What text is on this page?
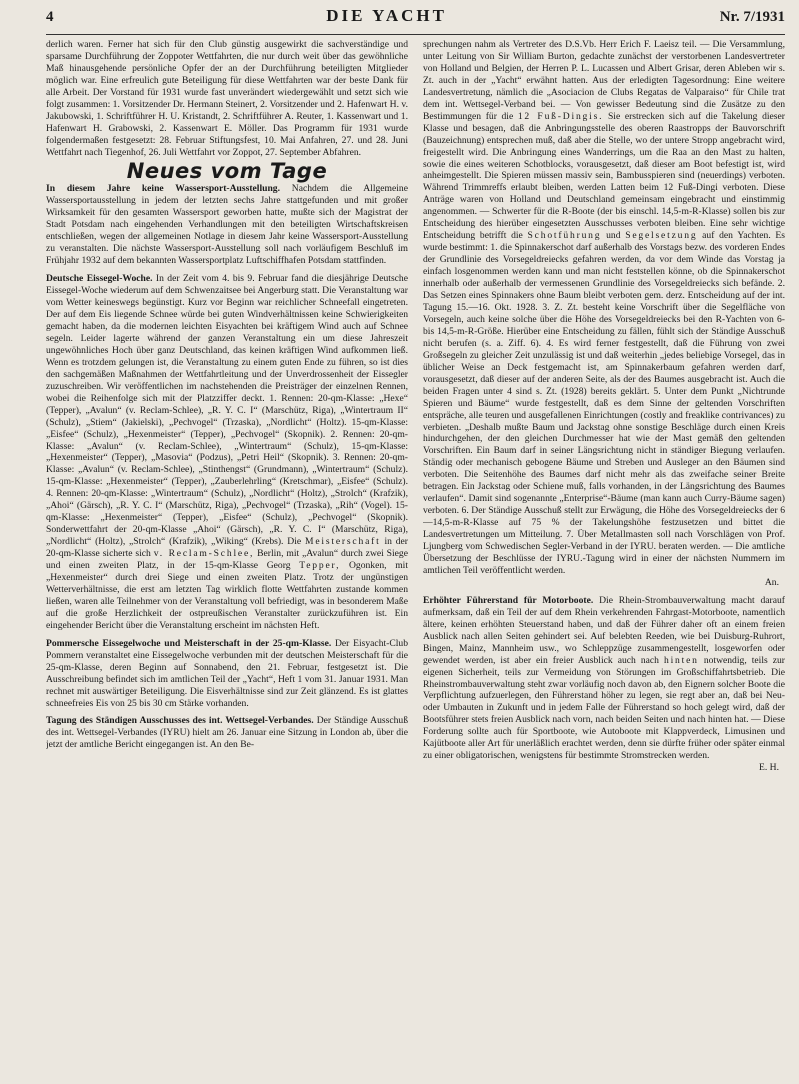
4	DIE YACHT	Nr. 7/1931

derlich waren. Ferner hat sich für den Club günstig ausgewirkt die sachverständige und sparsame Durchführung der Zoppoter Wettfahrten, die nur durch weit über das gewöhnliche Maß hinausgehende persönliche Opfer der an der Durchführung beteiligten Mitglieder möglich war. Eine erfreulich gute Beteiligung für diese Wettfahrten war der beste Dank für alle Arbeit. Der Vorstand für 1931 wurde fast unverändert wiedergewählt und setzt sich wie folgt zusammen: 1. Vorsitzender Dr. Hermann Steinert, 2. Vorsitzender und 2. Hafenwart H. v. Jakubowski, 1. Schriftführer H. U. Kristandt, 2. Schriftführer A. Reuter, 1. Kassenwart und 1. Hafenwart H. Grabowski, 2. Kassenwart E. Möller. Das Programm für 1931 wurde folgendermaßen festgesetzt: 28. Februar Stiftungsfest, 10. Mai Anfahren, 27. und 28. Juni Wettfahrt nach Tiegenhof, 26. Juli Wettfahrt vor Zoppot, 27. September Abfahren.

Neues vom Tage

In diesem Jahre keine Wassersport-Ausstellung. Nachdem die Allgemeine Wassersportausstellung in jedem der letzten sechs Jahre stattgefunden und mit großer Wirksamkeit für den gesamten Wassersport geworben hatte, mußte sich der Magistrat der Stadt Potsdam nach eingehenden Verhandlungen mit den beteiligten Wirtschaftskreisen entschließen, wegen der allgemeinen Notlage in diesem Jahr keine Wassersport-Ausstellung zu veranstalten. Die nächste Wassersport-Ausstellung soll nach vorläufigem Beschluß im Frühjahr 1932 auf dem bekannten Wassersportplatz Luftschiffhafen Potsdam stattfinden.

Deutsche Eissegel-Woche. In der Zeit vom 4. bis 9. Februar fand die diesjährige Deutsche Eissegel-Woche wiederum auf dem Schwenzaitsee bei Angerburg statt. Die Veranstaltung war vom Wetter keineswegs begünstigt. Kurz vor Beginn war reichlicher Schneefall eingetreten. Der auf dem Eis liegende Schnee würde bei guten Windverhältnissen keine Schwierigkeiten gemacht haben, da die modernen leichten Eisyachten bei kräftigem Wind auch auf Schnee segeln. Leider lagerte während der ganzen Veranstaltung ein um diese Jahreszeit ungewöhnliches Hoch über ganz Deutschland, das keinen kräftigen Wind aufkommen ließ. Wenn es trotzdem gelungen ist, die Veranstaltung zu einem guten Ende zu führen, so ist dies den sachgemäßen Maßnahmen der Wettfahrtleitung und der Unverdrossenheit der Eissegler zuzuschreiben. Wir veröffentlichen im nachstehenden die Preisträger der einzelnen Rennen, wobei die Reihenfolge sich mit der Platzziffer deckt. 1. Rennen: 20-qm-Klasse: „Hexe“ (Tepper), „Avalun“ (v. Reclam-Schlee), „R. Y. C. I“ (Marschütz, Riga), „Wintertraum II“ (Schulz), „Stiem“ (Jakielski), „Pechvogel“ (Trzaska), „Nordlicht“ (Holtz). 15-qm-Klasse: „Eisfee“ (Schulz), „Hexenmeister“ (Tepper), „Pechvogel“ (Skopnik). 2. Rennen: 20-qm-Klasse: „Avalun“ (v. Reclam-Schlee), „Wintertraum“ (Schulz), 15-qm-Klasse: „Hexenmeister“ (Tepper), „Masovia“ (Podzus), „Petri Heil“ (Skopnik). 3. Rennen: 20-qm-Klasse: „Avalun“ (v. Reclam-Schlee), „Stinthengst“ (Grundmann), „Wintertraum“ (Schulz). 15-qm-Klasse: „Hexenmeister“ (Tepper), „Zauberlehrling“ (Kretschmar), „Eisfee“ (Schulz). 4. Rennen: 20-qm-Klasse: „Wintertraum“ (Schulz), „Nordlicht“ (Holtz), „Strolch“ (Krafzik), „Ahoi“ (Gärsch), „R. Y. C. I“ (Marschütz, Riga), „Pechvogel“ (Trzaska), „Rih“ (Vogel). 15-qm-Klasse: „Hexenmeister“ (Tepper), „Eisfee“ (Schulz), „Pechvogel“ (Skopnik). Sonderwettfahrt der 20-qm-Klasse „Ahoi“ (Gärsch), „R. Y. C. I“ (Marschütz, Riga), „Nordlicht“ (Holtz), „Strolch“ (Krafzik), „Wiking“ (Krebs). Die Meisterschaft in der 20-qm-Klasse sicherte sich v. Reclam-Schlee, Berlin, mit „Avalun“ durch zwei Siege und einen zweiten Platz, in der 15-qm-Klasse Georg Tepper, Ogonken, mit „Hexenmeister“ durch drei Siege und einen zweiten Platz. Trotz der ungünstigen Wetterverhältnisse, die erst am letzten Tag wirklich flotte Wettfahrten zustande kommen ließen, waren alle Teilnehmer von der Veranstaltung voll befriedigt, was in besonderem Maße auf die große Herzlichkeit der ostpreußischen Veranstalter zurückzuführen ist. Ein eingehender Bericht über die Veranstaltung erscheint im nächsten Heft.

Pommersche Eissegelwoche und Meisterschaft in der 25-qm-Klasse. Der Eisyacht-Club Pommern veranstaltet eine Eissegelwoche verbunden mit der deutschen Meisterschaft für die 25-qm-Klasse, deren Beginn auf Sonnabend, den 21. Februar, festgesetzt ist. Die Ausschreibung befindet sich im amtlichen Teil der „Yacht“, Heft 1 vom 31. Januar 1931. Man rechnet mit auswärtiger Beteiligung. Die Eisverhältnisse sind zur Zeit glänzend. Es ist glattes schneefreies Eis von 25 bis 30 cm Stärke vorhanden.

Tagung des Ständigen Ausschusses des int. Wettsegel-Verbandes. Der Ständige Ausschuß des int. Wettsegel-Verbandes (IYRU) hielt am 26. Januar eine Sitzung in London ab, über die jetzt der amtliche Bericht eingegangen ist. An den Be-

sprechungen nahm als Vertreter des D.S.Vb. Herr Erich F. Laeisz teil. — Die Versammlung, unter Leitung von Sir William Burton, gedachte zunächst der verstorbenen Landesvertreter von Holland und Belgien, der Herren P. L. Lucassen und Albert Grisar, deren Ableben wir s. Zt. auch in der „Yacht“ erwähnt hatten. Aus der erledigten Tagesordnung: Eine weitere Landesvertretung, nämlich die „Asociacion de Clubs Regatas de Valparaiso“ für Chile trat dem int. Wettsegel-Verband bei. — Von gewisser Bedeutung sind die Zusätze zu den Bestimmungen für die 12 Fuß-Dingis. Sie erstrecken sich auf die Takelung dieser Klasse und besagen, daß die Anbringungsstelle des oberen Raastropps der Bauvorschrift (Bauzeichnung) entsprechen muß, daß aber die Stelle, wo der untere Stropp angebracht wird, freigestellt wird. Die Anbringung eines Wanderrings, um die Raa an den Mast zu halten, sowie die eines weiteren Schotblocks, vorausgesetzt, daß dieser am Boot befestigt ist, wird anheimgestellt. Die Spieren müssen massiv sein, Bambusspieren sind (neuerdings) verboten. Während Trimmreffs erlaubt bleiben, werden Latten beim 12 Fuß-Dingi verboten. Diese Anträge waren von Holland und Deutschland gemeinsam eingebracht und einstimmig angenommen. — Schwerter für die R-Boote (der bis einschl. 14,5-m-R-Klasse) sollen bis zur Entscheidung des hierüber eingesetzten Ausschusses verboten bleiben. Eine sehr wichtige Entscheidung betrifft die Schotführung und Segelsetzung auf den Yachten. Es wurde bestimmt: 1. die Spinnakerschot darf außerhalb des Vorstags bezw. des vorderen Endes der Grundlinie des Vorsegeldreiecks gefahren werden, da vor dem Winde das Vorstag ja einfach losgenommen werden kann und man nicht feststellen könne, ob die Spinnakerschot innerhalb oder außerhalb der vermessenen Grundlinie des Vorsegeldreiecks sich befände. 2. Das Setzen eines Spinnakers ohne Baum bleibt verboten gem. derz. Entscheidung auf der int. Tagung 15.—16. Okt. 1928. 3. Z. Zt. besteht keine Vorschrift über die Segelfläche von Vorsegeln, auch keine solche über die Höhe des Vorsegeldreiecks bei den R-Yachten von 6- bis 14,5-m-R-Größe. Hierüber eine Entscheidung zu fällen, fühlt sich der Ständige Ausschuß nicht berufen (s. a. Ziff. 6). 4. Es wird ferner festgestellt, daß die Führung von zwei Großsegeln zu gleicher Zeit unzulässig ist und daß weiterhin „jedes beliebige Vorsegel, das in üblicher Weise an Deck festgemacht ist, am Spinnakerbaum gefahren werden darf, vorausgesetzt, daß dieser auf der anderen Seite, als der des Baumes ausgebracht ist. Auch die beiden Fragen unter 4 sind s. Zt. (1928) bereits geklärt. 5. Unter dem Punkt „Nichtrunde Spieren und Bäume“ wurde festgestellt, daß es dem Sinne der geltenden Vorschriften entspräche, alle teuren und ausgefallenen Einrichtungen (costly and freaklike contrivances) zu verbieten. „Deshalb mußte Baum und Jackstag ohne sonstige Beschläge durch einen Kreis hindurchgehen, der den gleichen Durchmesser hat wie der Mast gemäß den geltenden Vorschriften. Ein Baum darf in seiner Längsrichtung nicht in ständiger Biegung verlaufen. Ständig oder mechanisch gebogene Bäume und Streben und Ausleger an den Bäumen sind verboten. Die Seitenhöhe des Baumes darf nicht mehr als das zweifache seiner Breite betragen. Ein Jackstag oder Schiene muß, falls vorhanden, in der Längsrichtung des Baumes verlaufen“. Damit sind sogenannte „Enterprise“-Bäume (man kann auch Curry-Bäume sagen) verboten. 6. Der Ständige Ausschuß stellt zur Erwägung, die Höhe des Vorsegeldreiecks der 6—14,5-m-R-Klasse auf 75 % der Takelungshöhe festzusetzen und bittet die Landesvertretungen um Mitteilung. 7. Über Metallmasten soll nach Vorschlägen von Prof. Ljungberg vom Schwedischen Segler-Verband in der IYRU. beraten werden. — Die amtliche Übersetzung der Beschlüsse der IYRU.-Tagung wird in einer der nächsten Nummern im amtlichen Teil veröffentlicht werden.

An.

Erhöhter Führerstand für Motorboote. Die Rhein-Strombauverwaltung macht darauf aufmerksam, daß ein Teil der auf dem Rhein verkehrenden Fahrgast-Motorboote, namentlich ältere, keinen erhöhten Steuerstand haben, und daß der Führer daher oft an einem freien Ausblick nach allen Seiten gehindert sei. Auf belebten Reeden, wie bei Duisburg-Ruhrort, Bingen, Mainz, Mannheim usw., wo Schleppzüge zusammengestellt, losgeworfen oder gewendet werden, ist aber ein freier Ausblick auch nach hinten notwendig, teils zur eigenen Sicherheit, teils zur Vermeidung von Störungen im Großschiffahrtsbetrieb. Die Rheinstrombauverwaltung steht zwar vorläufig noch davon ab, den Eignern solcher Boote die Verpflichtung aufzuerlegen, den Führerstand höher zu legen, sie regt aber an, daß bei Neu- oder Umbauten in Zukunft und in jedem Falle der Führerstand so hoch gelegt wird, daß der Bootsführer stets freien Ausblick nach vorn, nach beiden Seiten und nach hinten hat. — Diese Forderung sollte auch für Sportboote, wie Autoboote mit Klappverdeck, Limusinen und Kajütboote aller Art für unerläßlich erachtet werden, denn sie dürfte früher oder später einmal zu einer obligatorischen, wenigstens für bestimmte Stromstrecken werden.

E. H.
